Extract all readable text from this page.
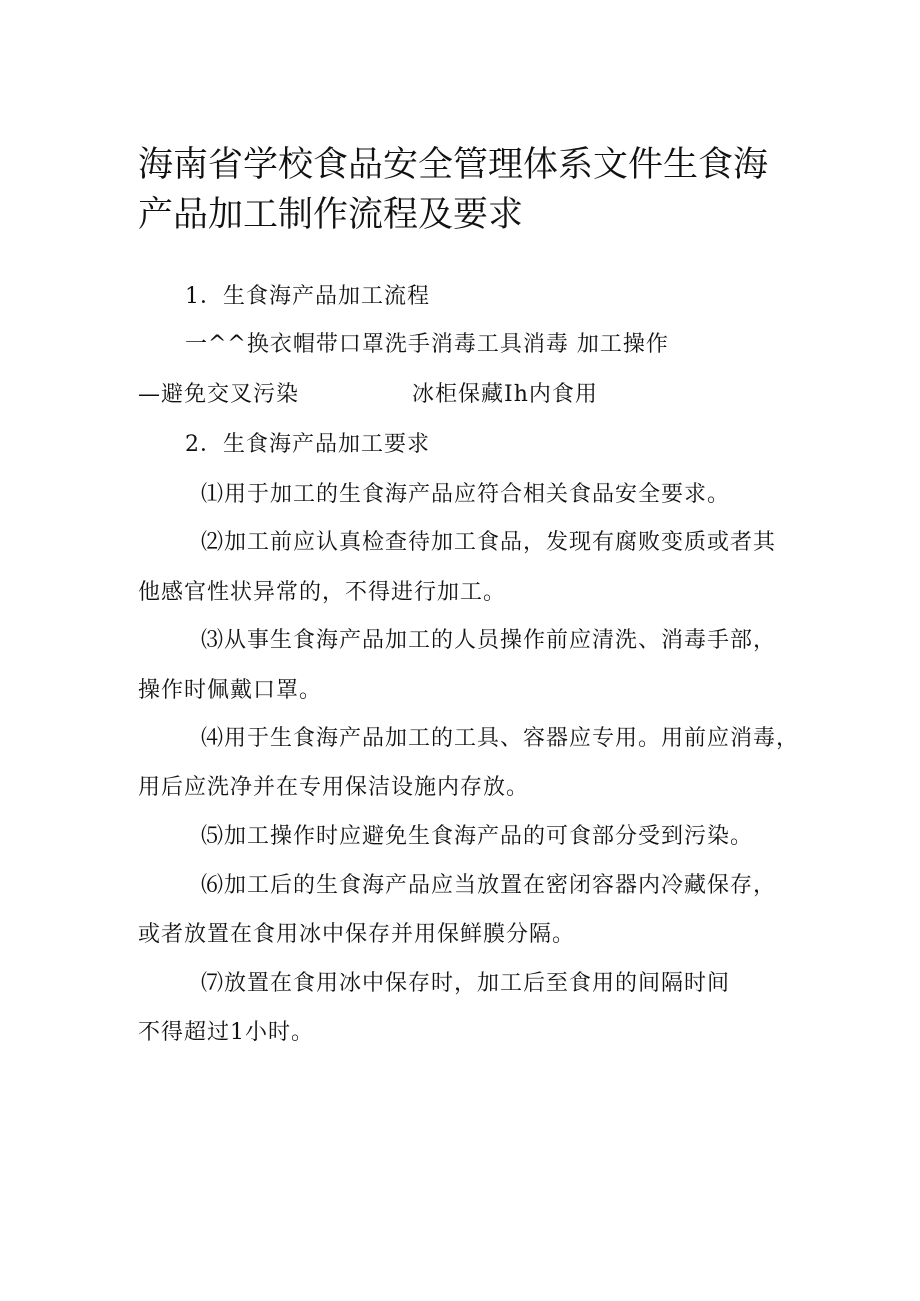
海南省学校食品安全管理体系文件生食海产品加工制作流程及要求
1．生食海产品加工流程
一^^换衣帽带口罩洗手消毒工具消毒 加工操作
—避免交叉污染	冰柜保藏Ih内食用
2．生食海产品加工要求
⑴用于加工的生食海产品应符合相关食品安全要求。
⑵加工前应认真检查待加工食品，发现有腐败变质或者其
他感官性状异常的，不得进行加工。
⑶从事生食海产品加工的人员操作前应清洗、消毒手部，
操作时佩戴口罩。
⑷用于生食海产品加工的工具、容器应专用。用前应消毒，
用后应洗净并在专用保洁设施内存放。
⑸加工操作时应避免生食海产品的可食部分受到污染。
⑹加工后的生食海产品应当放置在密闭容器内冷藏保存，
或者放置在食用冰中保存并用保鲜膜分隔。
⑺放置在食用冰中保存时，加工后至食用的间隔时间
不得超过1小时。
